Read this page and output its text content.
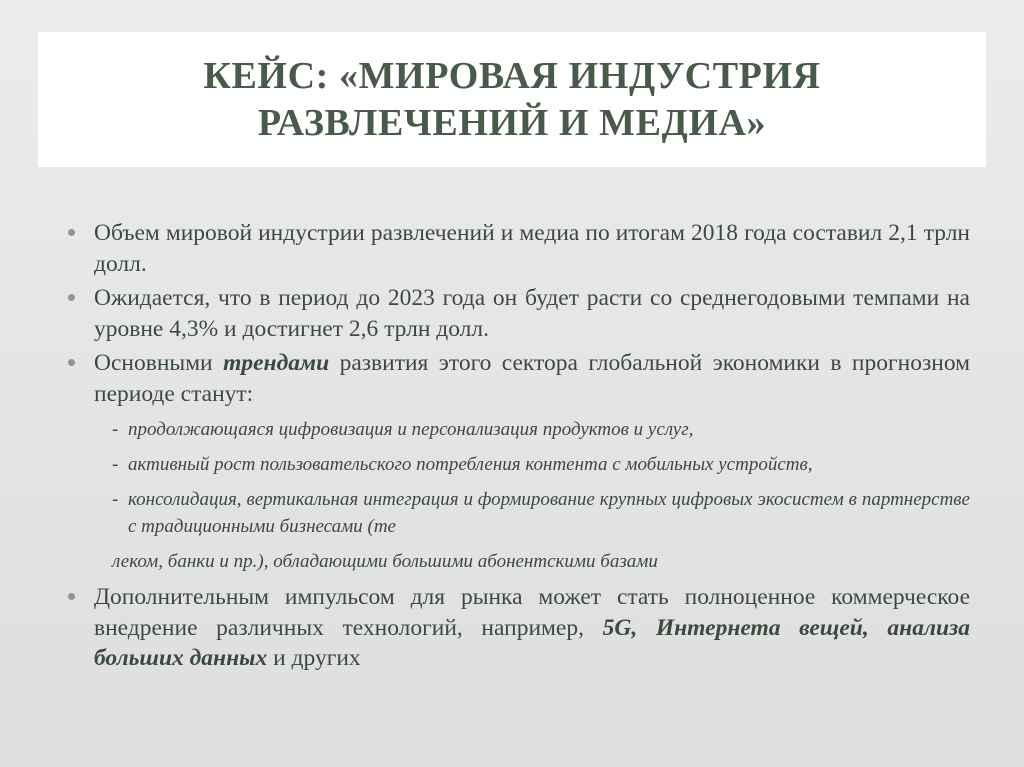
КЕЙС: «МИРОВАЯ ИНДУСТРИЯ РАЗВЛЕЧЕНИЙ И МЕДИА»
Объем мировой индустрии развлечений и медиа по итогам 2018 года составил 2,1 трлн долл.
Ожидается, что в период до 2023 года он будет расти со среднегодовыми темпами на уровне 4,3% и достигнет 2,6 трлн долл.
Основными трендами развития этого сектора глобальной экономики в прогнозном периоде станут:
- продолжающаяся цифровизация и персонализация продуктов и услуг,
- активный рост пользовательского потребления контента с мобильных устройств,
- консолидация, вертикальная интеграция и формирование крупных цифровых экосистем в партнерстве с традиционными бизнесами (те
леком, банки и пр.), обладающими большими абонентскими базами
Дополнительным импульсом для рынка может стать полноценное коммерческое внедрение различных технологий, например, 5G, Интернета вещей, анализа больших данных и других
